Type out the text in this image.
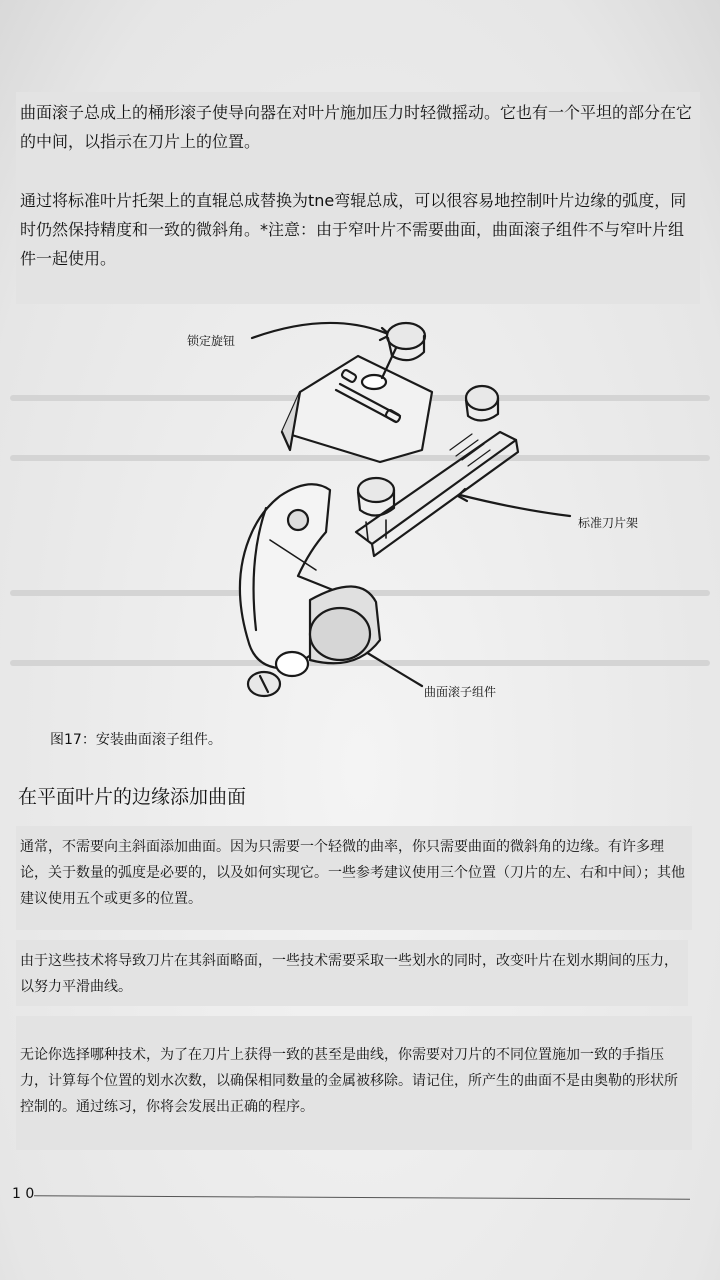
曲面滚子总成上的桶形滚子使导向器在对叶片施加压力时轻微摇动。它也有一个平坦的部分在它的中间，以指示在刀片上的位置。

通过将标准叶片托架上的直辊总成替换为tne弯辊总成，可以很容易地控制叶片边缘的弧度，同时仍然保持精度和一致的微斜角。*注意：由于窄叶片不需要曲面，曲面滚子组件不与窄叶片组件一起使用。

锁定旋钮
标准刀片架
曲面滚子组件
图17：安装曲面滚子组件。
在平面叶片的边缘添加曲面

通常，不需要向主斜面添加曲面。因为只需要一个轻微的曲率，你只需要曲面的微斜角的边缘。有许多理论，关于数量的弧度是必要的，以及如何实现它。一些参考建议使用三个位置（刀片的左、右和中间）；其他建议使用五个或更多的位置。

由于这些技术将导致刀片在其斜面略面，一些技术需要采取一些划水的同时，改变叶片在划水期间的压力，以努力平滑曲线。

无论你选择哪种技术，为了在刀片上获得一致的甚至是曲线，你需要对刀片的不同位置施加一致的手指压力，计算每个位置的划水次数，以确保相同数量的金属被移除。请记住，所产生的曲面不是由奥勒的形状所控制的。通过练习，你将会发展出正确的程序。

1 0
